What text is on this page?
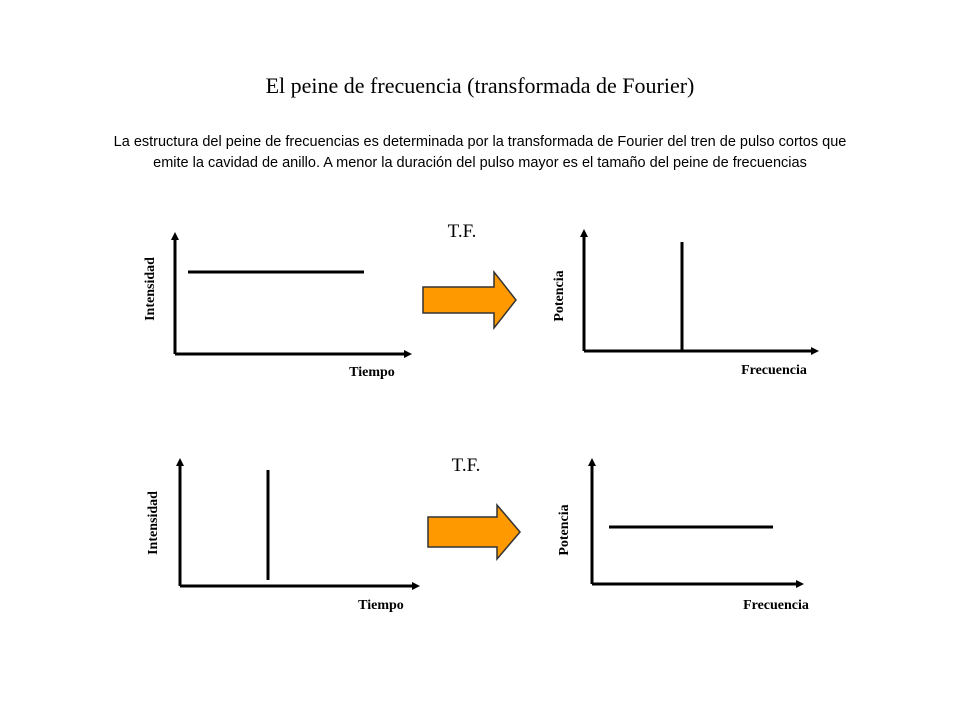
El peine de frecuencia (transformada de Fourier)
La estructura del peine de frecuencias es determinada por la transformada de Fourier del tren de pulso cortos que emite la cavidad de anillo. A menor la duración del pulso mayor es el tamaño del peine de frecuencias
Intensidad
Tiempo
T.F.
Potencia
Frecuencia
Intensidad
Tiempo
T.F.
Potencia
Frecuencia
